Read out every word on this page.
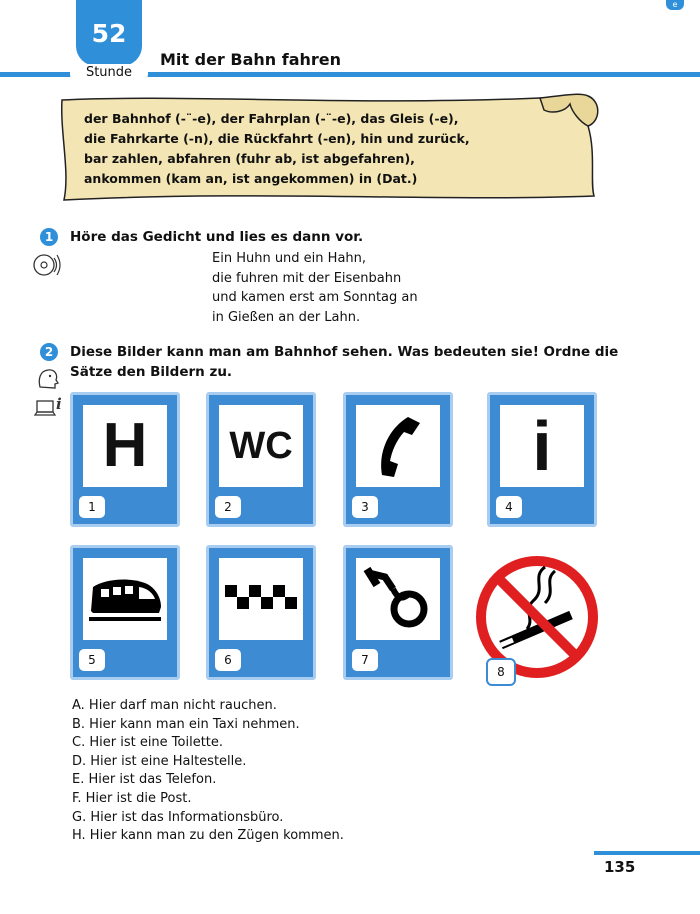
52
Stunde
Mit der Bahn fahren
e
der Bahnhof (-¨-e), der Fahrplan (-¨-e), das Gleis (-e),
die Fahrkarte (-n), die Rückfahrt (-en), hin und zurück,
bar zahlen, abfahren (fuhr ab, ist abgefahren),
ankommen (kam an, ist angekommen) in (Dat.)
1	Höre das Gedicht und lies es dann vor.
Ein Huhn und ein Hahn,
die fuhren mit der Eisenbahn
und kamen erst am Sonntag an
in Gießen an der Lahn.
2	Diese Bilder kann man am Bahnhof sehen. Was bedeuten sie! Ordne die
Sätze den Bildern zu.
i
H
1
WC
2	3
i
4
5	6	7
8
A. Hier darf man nicht rauchen.
B. Hier kann man ein Taxi nehmen.
C. Hier ist eine Toilette.
D. Hier ist eine Haltestelle.
E. Hier ist das Telefon.
F. Hier ist die Post.
G. Hier ist das Informationsbüro.
H. Hier kann man zu den Zügen kommen.
135
